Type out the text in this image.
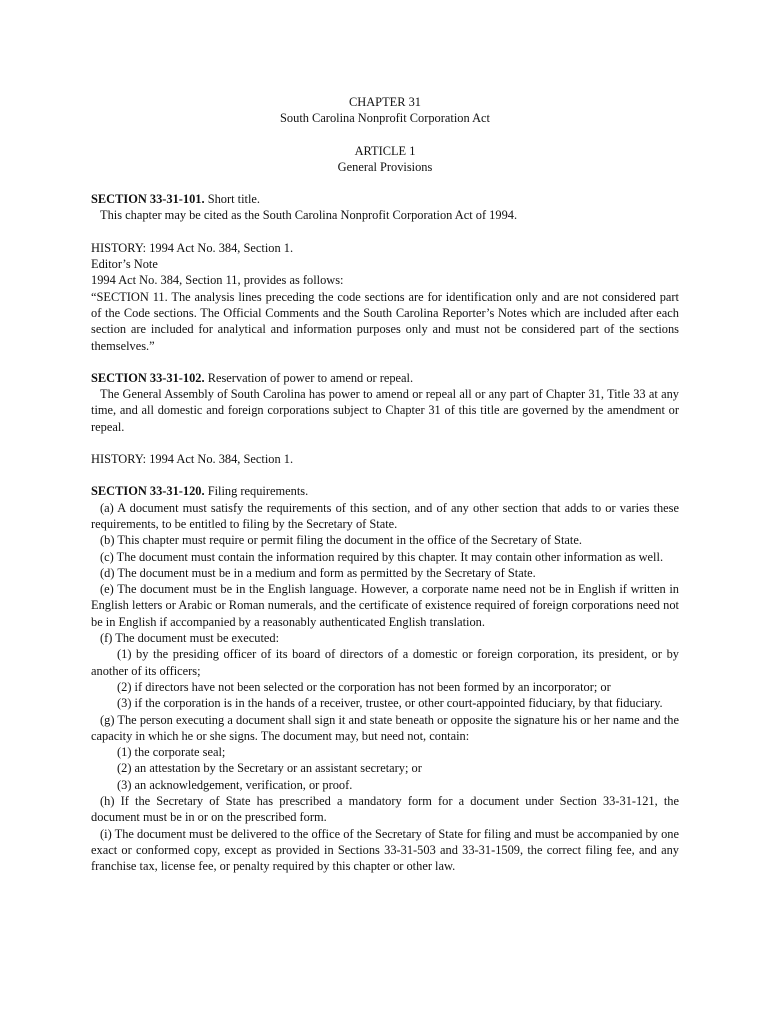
CHAPTER 31
South Carolina Nonprofit Corporation Act
ARTICLE 1
General Provisions
SECTION 33-31-101. Short title.
This chapter may be cited as the South Carolina Nonprofit Corporation Act of 1994.
HISTORY: 1994 Act No. 384, Section 1.
Editor’s Note
1994 Act No. 384, Section 11, provides as follows:
“SECTION 11. The analysis lines preceding the code sections are for identification only and are not considered part of the Code sections. The Official Comments and the South Carolina Reporter’s Notes which are included after each section are included for analytical and information purposes only and must not be considered part of the sections themselves.”
SECTION 33-31-102. Reservation of power to amend or repeal.
The General Assembly of South Carolina has power to amend or repeal all or any part of Chapter 31, Title 33 at any time, and all domestic and foreign corporations subject to Chapter 31 of this title are governed by the amendment or repeal.
HISTORY: 1994 Act No. 384, Section 1.
SECTION 33-31-120. Filing requirements.
(a) A document must satisfy the requirements of this section, and of any other section that adds to or varies these requirements, to be entitled to filing by the Secretary of State.
(b) This chapter must require or permit filing the document in the office of the Secretary of State.
(c) The document must contain the information required by this chapter. It may contain other information as well.
(d) The document must be in a medium and form as permitted by the Secretary of State.
(e) The document must be in the English language. However, a corporate name need not be in English if written in English letters or Arabic or Roman numerals, and the certificate of existence required of foreign corporations need not be in English if accompanied by a reasonably authenticated English translation.
(f) The document must be executed:
(1) by the presiding officer of its board of directors of a domestic or foreign corporation, its president, or by another of its officers;
(2) if directors have not been selected or the corporation has not been formed by an incorporator; or
(3) if the corporation is in the hands of a receiver, trustee, or other court-appointed fiduciary, by that fiduciary.
(g) The person executing a document shall sign it and state beneath or opposite the signature his or her name and the capacity in which he or she signs. The document may, but need not, contain:
(1) the corporate seal;
(2) an attestation by the Secretary or an assistant secretary; or
(3) an acknowledgement, verification, or proof.
(h) If the Secretary of State has prescribed a mandatory form for a document under Section 33-31-121, the document must be in or on the prescribed form.
(i) The document must be delivered to the office of the Secretary of State for filing and must be accompanied by one exact or conformed copy, except as provided in Sections 33-31-503 and 33-31-1509, the correct filing fee, and any franchise tax, license fee, or penalty required by this chapter or other law.
